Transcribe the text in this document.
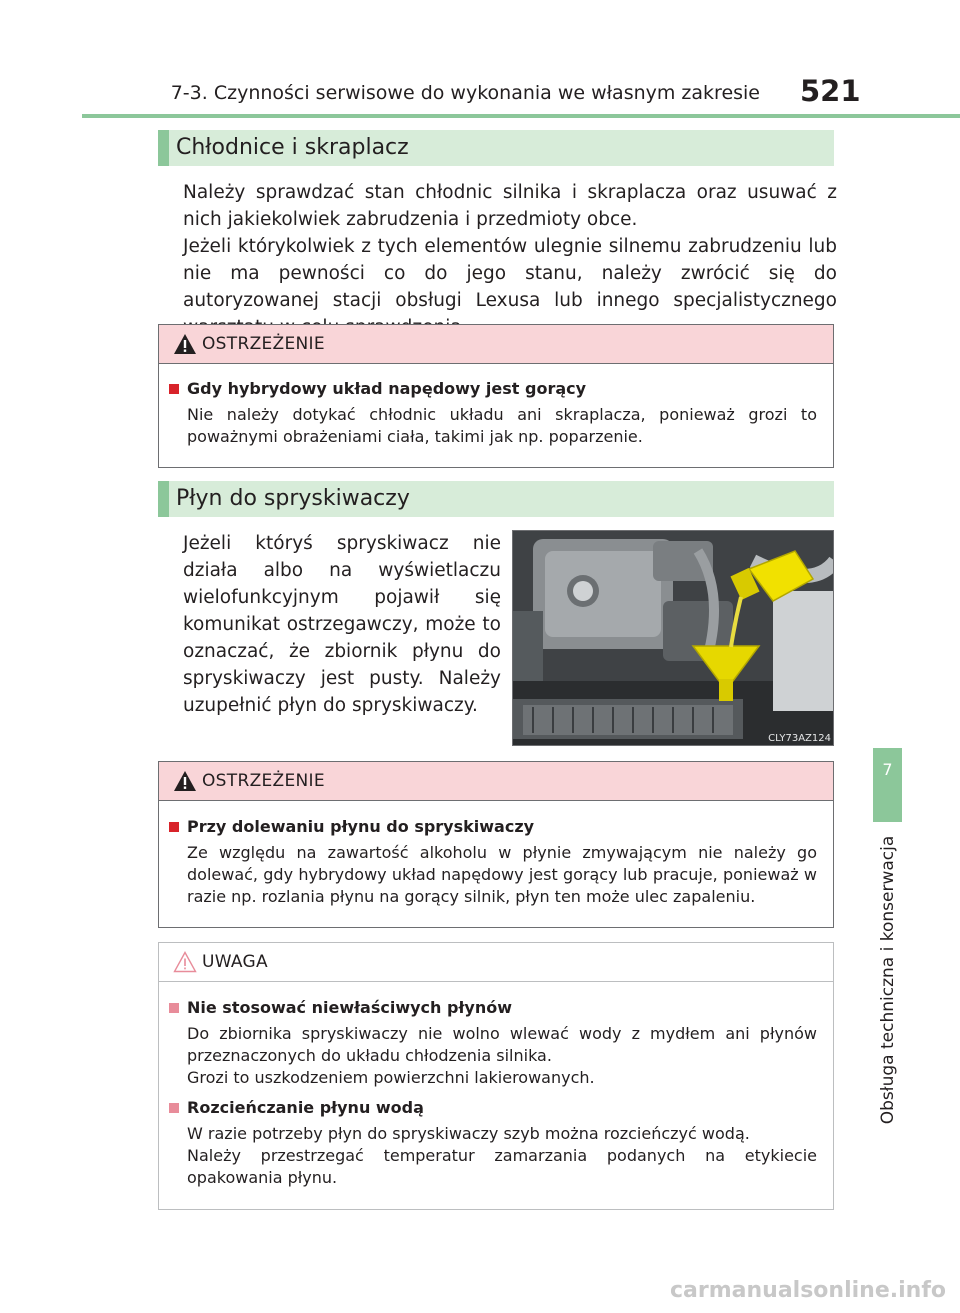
7-3. Czynności serwisowe do wykonania we własnym zakresie 521
7
Obsługa techniczna i konserwacja
Chłodnice i skraplacz

Należy sprawdzać stan chłodnic silnika i skraplacza oraz usuwać z nich jakiekolwiek zabrudzenia i przedmioty obce.

Jeżeli którykolwiek z tych elementów ulegnie silnemu zabrudzeniu lub nie ma pewności co do jego stanu, należy zwrócić się do autoryzowanej stacji obsługi Lexusa lub innego specjalistycznego

OSTRZEŻENIE
Gdy hybrydowy układ napędowy jest gorący
Nie należy dotykać chłodnic układu ani skraplacza, ponieważ grozi to poważnymi obrażeniami ciała, takimi jak np. poparzenie.
Płyn do spryskiwaczy
Jeżeli któryś spryskiwacz nie działa albo na wyświetlaczu wielofunkcyjnym pojawił się komunikat ostrzegawczy, może to oznaczać, że zbiornik płynu do spryskiwaczy jest pusty. Należy uzupełnić płyn do spryskiwaczy.
CLY73AZ124
OSTRZEŻENIE
Przy dolewaniu płynu do spryskiwaczy
Ze względu na zawartość alkoholu w płynie zmywającym nie należy go dolewać, gdy hybrydowy układ napędowy jest gorący lub pracuje, ponieważ w razie np. rozlania płynu na gorący silnik, płyn ten może ulec zapaleniu.
UWAGA
Nie stosować niewłaściwych płynów

Do zbiornika spryskiwaczy nie wolno wlewać wody z mydłem ani płynów przeznaczonych do układu chłodzenia silnika.

Grozi to uszkodzeniem powierzchni lakierowanych.

Rozcieńczanie płynu wodą

W razie potrzeby płyn do spryskiwaczy szyb można rozcieńczyć wodą.

Należy przestrzegać temperatur zamarzania podanych na etykiecie opakowania płynu.

carmanualsonline.info
